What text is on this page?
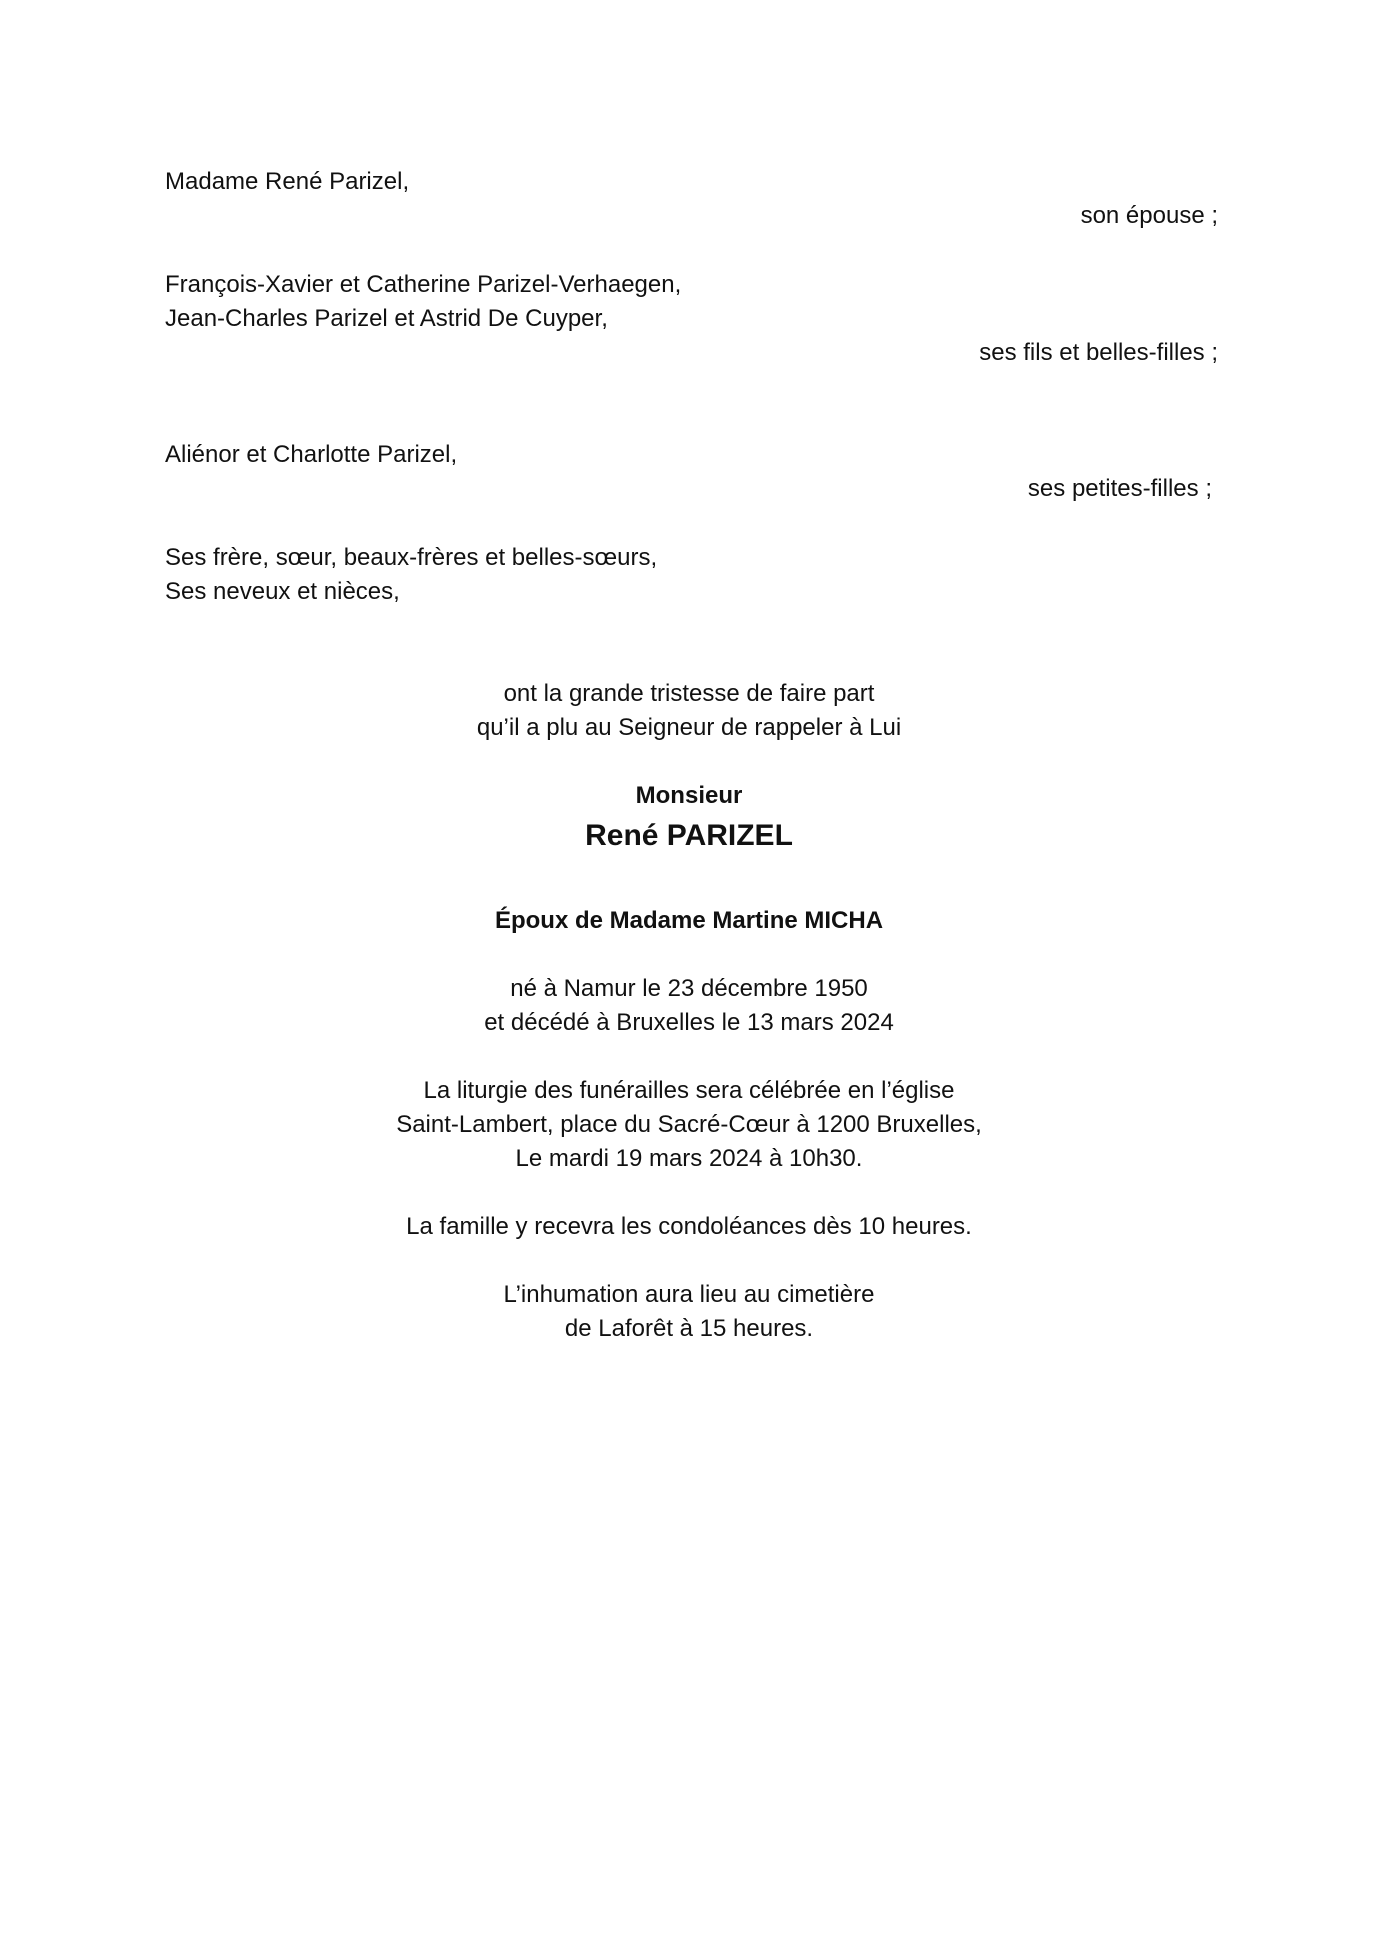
Madame René Parizel,
son épouse ;
François-Xavier et Catherine Parizel-Verhaegen,
Jean-Charles Parizel et Astrid De Cuyper,
ses fils et belles-filles ;
Aliénor et Charlotte Parizel,
ses petites-filles ;
Ses frère, sœur, beaux-frères et belles-sœurs,
Ses neveux et nièces,
ont la grande tristesse de faire part
qu’il a plu au Seigneur de rappeler à Lui
Monsieur
René PARIZEL
Époux de Madame Martine MICHA
né à Namur le 23 décembre 1950
et décédé à Bruxelles le 13 mars 2024
La liturgie des funérailles sera célébrée en l’église
Saint-Lambert, place du Sacré-Cœur à 1200 Bruxelles,
Le mardi 19 mars 2024 à 10h30.
La famille y recevra les condoléances dès 10 heures.
L’inhumation aura lieu au cimetière
de Laforêt à 15 heures.
